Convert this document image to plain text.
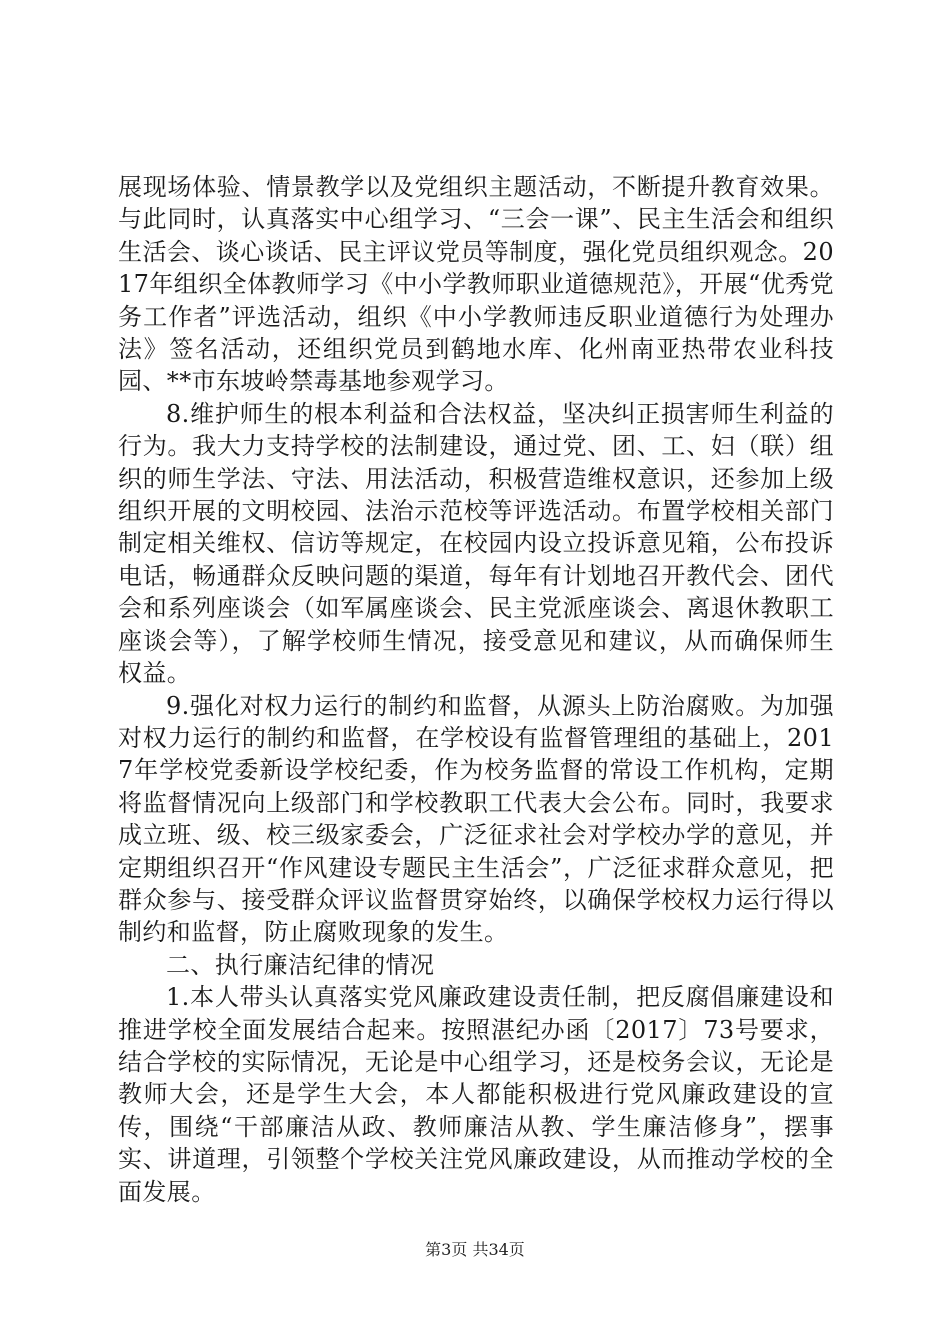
展现场体验、情景教学以及党组织主题活动，不断提升教育效果。与此同时，认真落实中心组学习、“三会一课”、民主生活会和组织生活会、谈心谈话、民主评议党员等制度，强化党员组织观念。2017年组织全体教师学习《中小学教师职业道德规范》，开展“优秀党务工作者”评选活动，组织《中小学教师违反职业道德行为处理办法》签名活动，还组织党员到鹤地水库、化州南亚热带农业科技园、**市东坡岭禁毒基地参观学习。

8.维护师生的根本利益和合法权益，坚决纠正损害师生利益的行为。我大力支持学校的法制建设，通过党、团、工、妇（联）组织的师生学法、守法、用法活动，积极营造维权意识，还参加上级组织开展的文明校园、法治示范校等评选活动。布置学校相关部门制定相关维权、信访等规定，在校园内设立投诉意见箱，公布投诉电话，畅通群众反映问题的渠道，每年有计划地召开教代会、团代会和系列座谈会（如军属座谈会、民主党派座谈会、离退休教职工座谈会等），了解学校师生情况，接受意见和建议，从而确保师生权益。

9.强化对权力运行的制约和监督，从源头上防治腐败。为加强对权力运行的制约和监督，在学校设有监督管理组的基础上，2017年学校党委新设学校纪委，作为校务监督的常设工作机构，定期将监督情况向上级部门和学校教职工代表大会公布。同时，我要求成立班、级、校三级家委会，广泛征求社会对学校办学的意见，并定期组织召开“作风建设专题民主生活会”，广泛征求群众意见，把群众参与、接受群众评议监督贯穿始终，以确保学校权力运行得以制约和监督，防止腐败现象的发生。

二、执行廉洁纪律的情况

1.本人带头认真落实党风廉政建设责任制，把反腐倡廉建设和推进学校全面发展结合起来。按照湛纪办函〔2017〕73号要求，结合学校的实际情况，无论是中心组学习，还是校务会议，无论是教师大会，还是学生大会，本人都能积极进行党风廉政建设的宣传，围绕“干部廉洁从政、教师廉洁从教、学生廉洁修身”，摆事实、讲道理，引领整个学校关注党风廉政建设，从而推动学校的全面发展。

第3页 共34页
